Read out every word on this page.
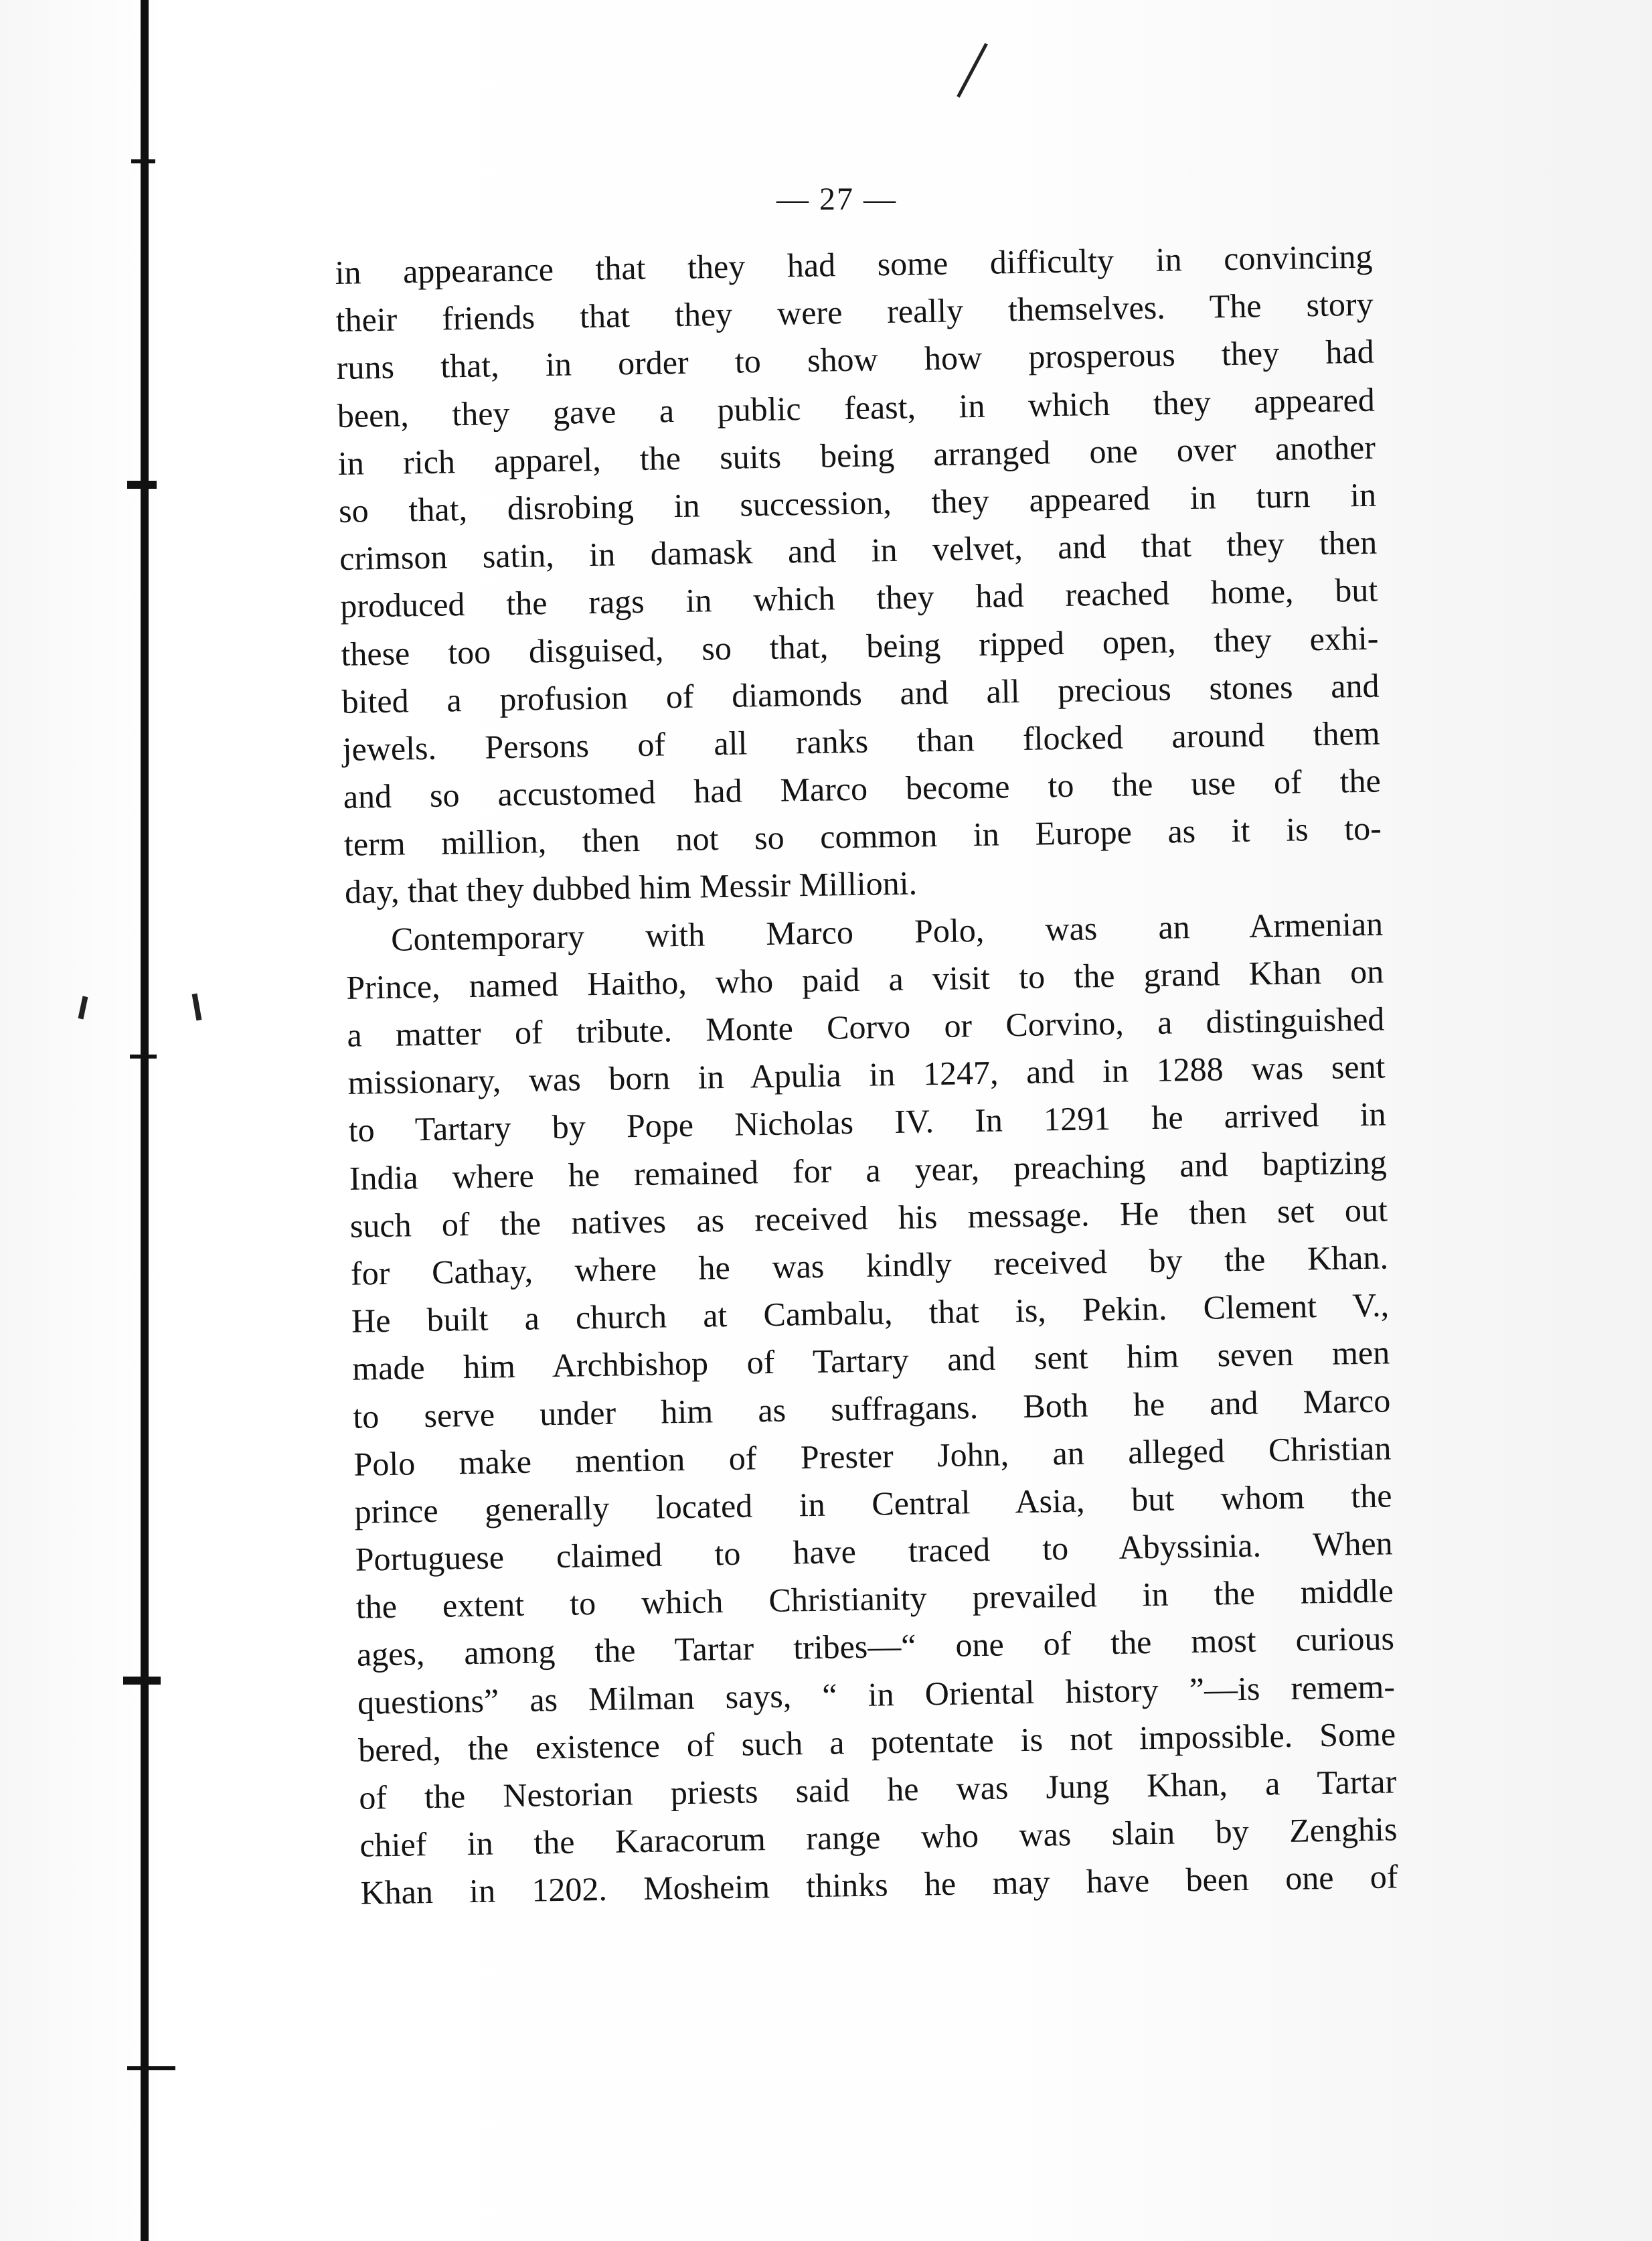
— 27 —
in appearance that they had some difficulty in convincing
their friends that they were really themselves. The story
runs that, in order to show how prosperous they had
been, they gave a public feast, in which they appeared
in rich apparel, the suits being arranged one over another
so that, disrobing in succession, they appeared in turn in
crimson satin, in damask and in velvet, and that they then
produced the rags in which they had reached home, but
these too disguised, so that, being ripped open, they exhi-
bited a profusion of diamonds and all precious stones and
jewels. Persons of all ranks than flocked around them
and so accustomed had Marco become to the use of the
term million, then not so common in Europe as it is to-
day, that they dubbed him Messir Millioni.
Contemporary with Marco Polo, was an Armenian
Prince, named Haitho, who paid a visit to the grand Khan on
a matter of tribute. Monte Corvo or Corvino, a distinguished
missionary, was born in Apulia in 1247, and in 1288 was sent
to Tartary by Pope Nicholas IV. In 1291 he arrived in
India where he remained for a year, preaching and baptizing
such of the natives as received his message. He then set out
for Cathay, where he was kindly received by the Khan.
He built a church at Cambalu, that is, Pekin. Clement V.,
made him Archbishop of Tartary and sent him seven men
to serve under him as suffragans. Both he and Marco
Polo make mention of Prester John, an alleged Christian
prince generally located in Central Asia, but whom the
Portuguese claimed to have traced to Abyssinia. When
the extent to which Christianity prevailed in the middle
ages, among the Tartar tribes—“ one of the most curious
questions” as Milman says, “ in Oriental history ”—is remem-
bered, the existence of such a potentate is not impossible. Some
of the Nestorian priests said he was Jung Khan, a Tartar
chief in the Karacorum range who was slain by Zenghis
Khan in 1202. Mosheim thinks he may have been one of
